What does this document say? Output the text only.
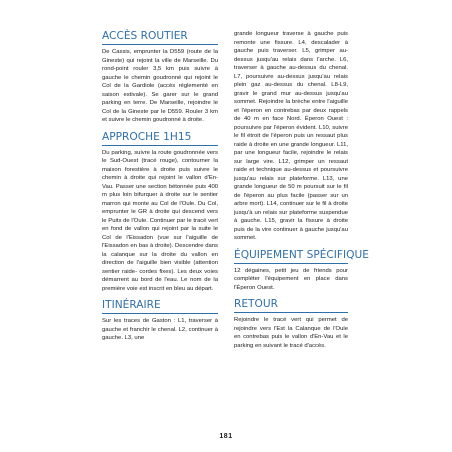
ACCÈS ROUTIER

De Cassis, emprunter la D559 (route de la Gineste) qui rejoint la ville de Marseille. Du rond-point rouler 3,5 km puis suivre à gauche le chemin goudronné qui rejoint le Col de la Gardiole (accès réglementé en saison estivale). Se garer sur le grand parking en terre. De Marseille, rejoindre le Col de la Gineste par le D559. Rouler 3 km et suivre le chemin goudronné à droite.

APPROCHE 1H15

Du parking, suivre la route goudronnée vers le Sud-Ouest (tracé rouge), contourner la maison forestière à droite puis suivre le chemin à droite qui rejoint le vallon d'En-Vau. Passer une section bétonnée puis 400 m plus loin bifurquer à droite sur le sentier marron qui monte au Col de l'Oule. Du Col, emprunter le GR à droite qui descend vers le Puits de l'Oule. Continuer par le tracé vert en fond de vallon qui rejoint par la suite le Col de l'Eissadon (vue sur l'aiguille de l'Eissadon en bas à droite). Descendre dans la calanque sur la droite du vallon en direction de l'aiguille bien visible (attention sentier raide- cordes fixes). Les deux voies démarrent au bord de l'eau. Le nom de la première voie est inscrit en bleu au départ.

ITINÉRAIRE

Sur les traces de Gaston : L1, traverser à gauche et franchir le chenal. L2, continuer à gauche. L3, une

grande longueur traverse à gauche puis remonte une fissure. L4, descalader à gauche puis traverser. L5, grimper au-dessus jusqu'au relais dans l'arche. L6, traverser à gauche au-dessus du chenal. L7, poursuivre au-dessus jusqu'au relais plein gaz au-dessus du chenal. L8-L9, gravir le grand mur au-dessus jusqu'au sommet. Rejoindre la brèche entre l'aiguille et l'éperon en contrebas par deux rappels de 40 m en face Nord. Éperon Ouest : poursuivre par l'éperon évident. L10, suivre le fil étroit de l'éperon puis un ressaut plus raide à droite en une grande longueur. L11, par une longueur facile, rejoindre le relais sur large vire. L12, grimper un ressaut raide et technique au-dessus et poursuivre jusqu'au relais sur plateforme. L13, une grande longueur de 50 m poursuit sur le fil de l'éperon au plus facile (passer sur un arbre mort). L14, continuer sur le fil à droite jusqu'à un relais sur plateforme suspendue à gauche. L15, gravir la fissure à droite puis de la vire continuer à gauche jusqu'au sommet.

ÉQUIPEMENT SPÉCIFIQUE

12 dégaines, petit jeu de friends pour compléter l'équipement en place dans l'Éperon Ouest.

RETOUR

Rejoindre le tracé vert qui permet de rejoindre vers l'Est la Calanque de l'Oule en contrebas puis le vallon d'En-Vau et le parking en suivant le tracé d'accès.

181
